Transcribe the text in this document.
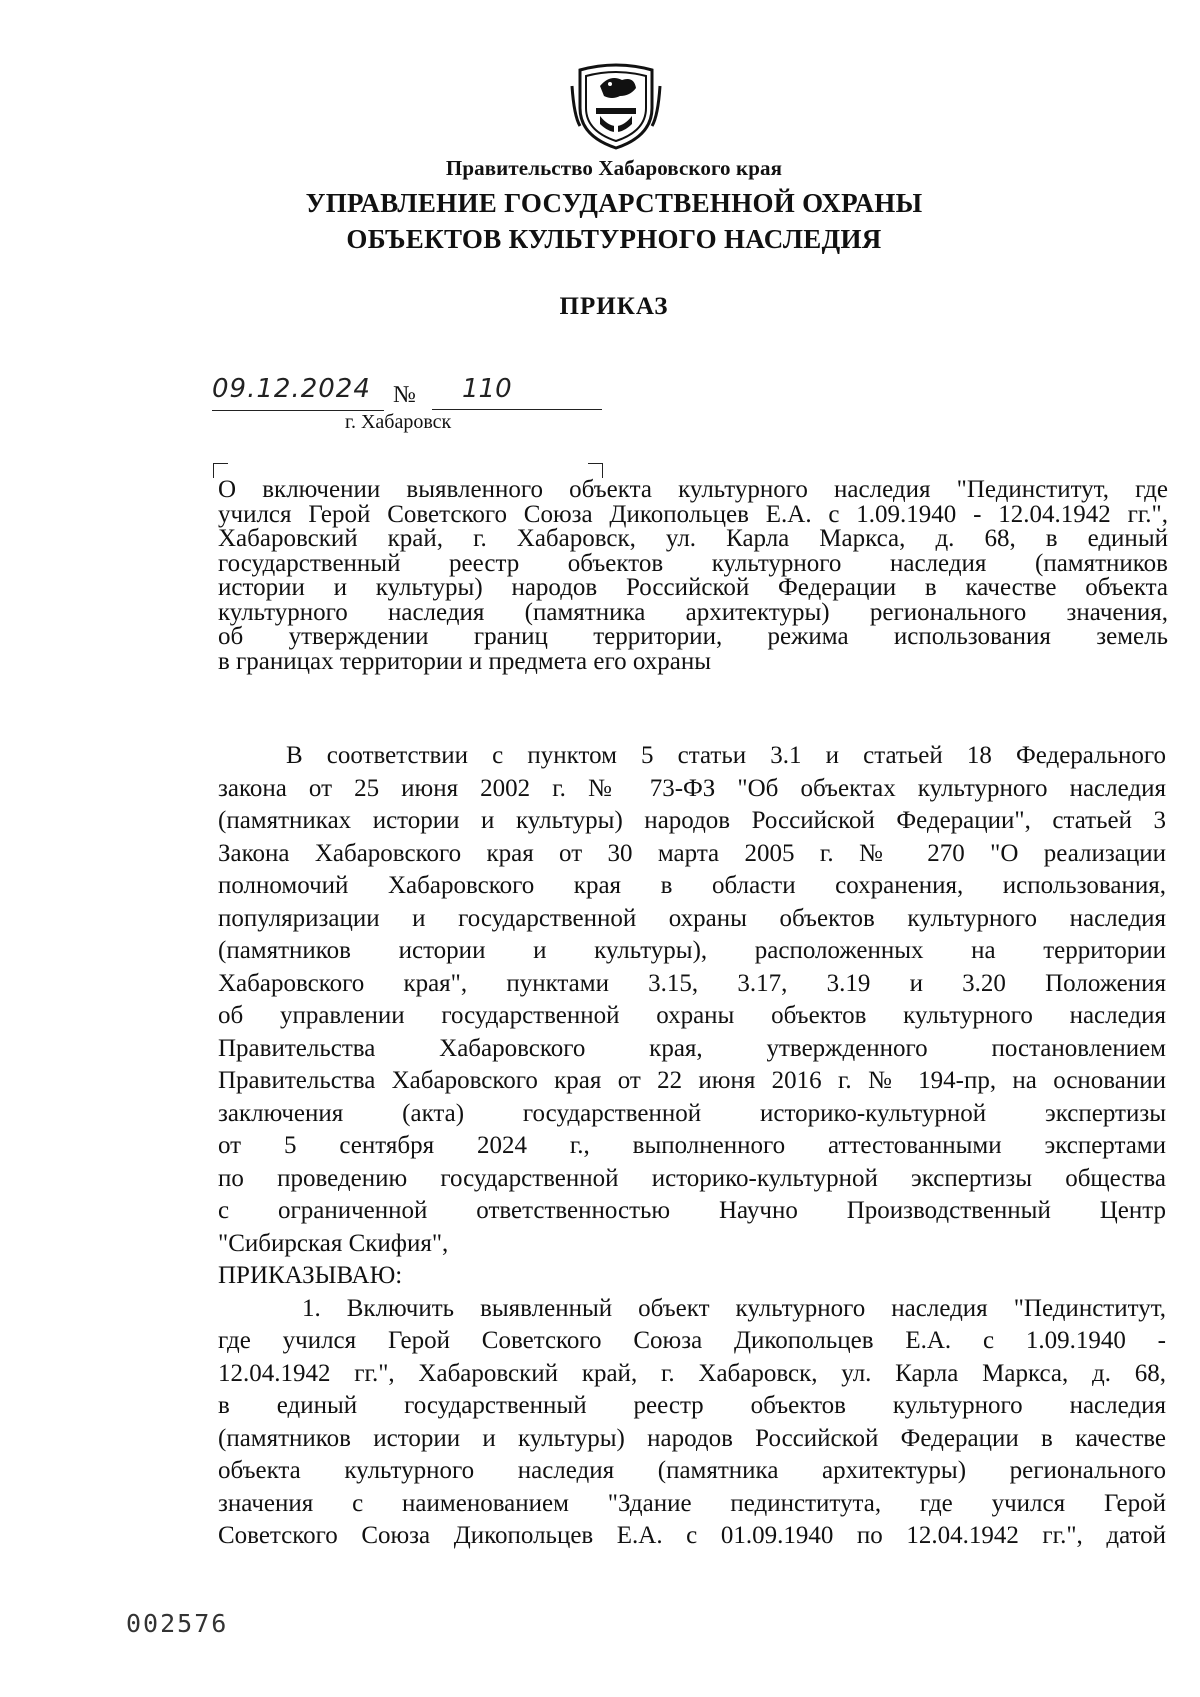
Правительство Хабаровского края
УПРАВЛЕНИЕ ГОСУДАРСТВЕННОЙ ОХРАНЫ
ОБЪЕКТОВ КУЛЬТУРНОГО НАСЛЕДИЯ
ПРИКАЗ
09.12.2024 №	110
г. Хабаровск
О включении выявленного объекта культурного наследия "Пединститут, где
учился Герой Советского Союза Дикопольцев Е.А. с 1.09.1940 - 12.04.1942 гг.",
Хабаровский край, г. Хабаровск, ул. Карла Маркса, д. 68, в единый
государственный реестр объектов культурного наследия (памятников
истории и культуры) народов Российской Федерации в качестве объекта
культурного наследия (памятника архитектуры) регионального значения,
об утверждении границ территории, режима использования земель
в границах территории и предмета его охраны
В соответствии с пунктом 5 статьи 3.1 и статьей 18 Федерального
закона от 25 июня 2002 г. № 73-ФЗ "Об объектах культурного наследия
(памятниках истории и культуры) народов Российской Федерации", статьей 3
Закона Хабаровского края от 30 марта 2005 г. № 270 "О реализации
полномочий Хабаровского края в области сохранения, использования,
популяризации и государственной охраны объектов культурного наследия
(памятников истории и культуры), расположенных на территории
Хабаровского края", пунктами 3.15, 3.17, 3.19 и 3.20 Положения
об управлении государственной охраны объектов культурного наследия
Правительства Хабаровского края, утвержденного постановлением
Правительства Хабаровского края от 22 июня 2016 г. № 194-пр, на основании
заключения (акта) государственной историко-культурной экспертизы
от 5 сентября 2024 г., выполненного аттестованными экспертами
по проведению государственной историко-культурной экспертизы общества
с ограниченной ответственностью Научно Производственный Центр
"Сибирская Скифия",
ПРИКАЗЫВАЮ:
1. Включить выявленный объект культурного наследия "Пединститут,
где учился Герой Советского Союза Дикопольцев Е.А. с 1.09.1940 -
12.04.1942 гг.", Хабаровский край, г. Хабаровск, ул. Карла Маркса, д. 68,
в единый государственный реестр объектов культурного наследия
(памятников истории и культуры) народов Российской Федерации в качестве
объекта культурного наследия (памятника архитектуры) регионального
значения с наименованием "Здание пединститута, где учился Герой
Советского Союза Дикопольцев Е.А. с 01.09.1940 по 12.04.1942 гг.", датой
002576
